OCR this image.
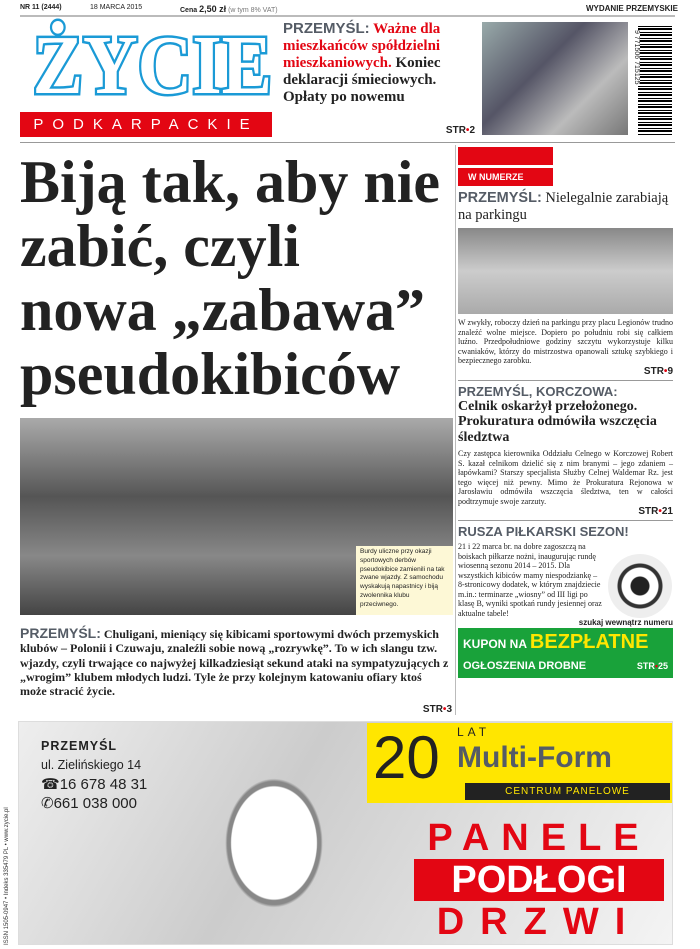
NR 11 (2444)	18 MARCA 2015	Cena 2,50 zł (w tym 8% VAT)	WYDANIE PRZEMYSKIE
ŻYCIE
PODKARPACKIE
PRZEMYŚL: Ważne dla mieszkańców spółdzielni mieszkaniowych. Koniec deklaracji śmieciowych. Opłaty po nowemu
STR•2
9 771506 715125
Biją tak, aby nie zabić, czyli nowa „zabawa” pseudokibiców
Burdy uliczne przy okazji sportowych derbów pseudokibice zamienili na tak zwane wjazdy. Z samochodu wyskakują napastnicy i biją zwolennika klubu przeciwnego.
PRZEMYŚL: Chuligani, mieniący się kibicami sportowymi dwóch przemyskich klubów – Polonii i Czuwaju, znaleźli sobie nową „rozrywkę”. To w ich slangu tzw. wjazdy, czyli trwające co najwyżej kilkadziesiąt sekund ataki na sympatyzujących z „wrogim” klubem młodych ludzi. Tyle że przy kolejnym katowaniu ofiary ktoś może stracić życie.
STR•3
W NUMERZE
PRZEMYŚL: Nielegalnie zarabiają na parkingu
W zwykły, roboczy dzień na parkingu przy placu Legionów trudno znaleźć wolne miejsce. Dopiero po południu robi się całkiem luźno. Przedpołudniowe godziny szczytu wykorzystuje kilku cwaniaków, którzy do mistrzostwa opanowali sztukę szybkiego i bezpiecznego zarobku.
STR•9
PRZEMYŚL, KORCZOWA:
Celnik oskarżył przełożonego. Prokuratura odmówiła wszczęcia śledztwa
Czy zastępca kierownika Oddziału Celnego w Korczowej Robert S. kazał celnikom dzielić się z nim branymi – jego zdaniem – łapówkami? Starszy specjalista Służby Celnej Waldemar Rz. jest tego więcej niż pewny. Mimo że Prokuratura Rejonowa w Jarosławiu odmówiła wszczęcia śledztwa, ten w całości podtrzymuje swoje zarzuty.
STR•21
RUSZA PIŁKARSKI SEZON!
21 i 22 marca br. na dobre zagoszczą na boiskach piłkarze nożni, inaugurując rundę wiosenną sezonu 2014 – 2015. Dla wszystkich kibiców mamy niespodziankę – 8-stronicowy dodatek, w którym znajdziecie m.in.: terminarze „wiosny” od III ligi po klasę B, wyniki spotkań rundy jesiennej oraz aktualne tabele!
szukaj wewnątrz numeru
KUPON NA BEZPŁATNE
OGŁOSZENIA DROBNE	STR•25
PRZEMYŚL
ul. Zielińskiego 14
☎16 678 48 31
✆661 038 000
20 LAT
Multi-Form
CENTRUM PANELOWE
PANELE
PODŁOGI
DRZWI
ISSN 1505-0947 • Indeks 335479 PL • www.zycie.pl
